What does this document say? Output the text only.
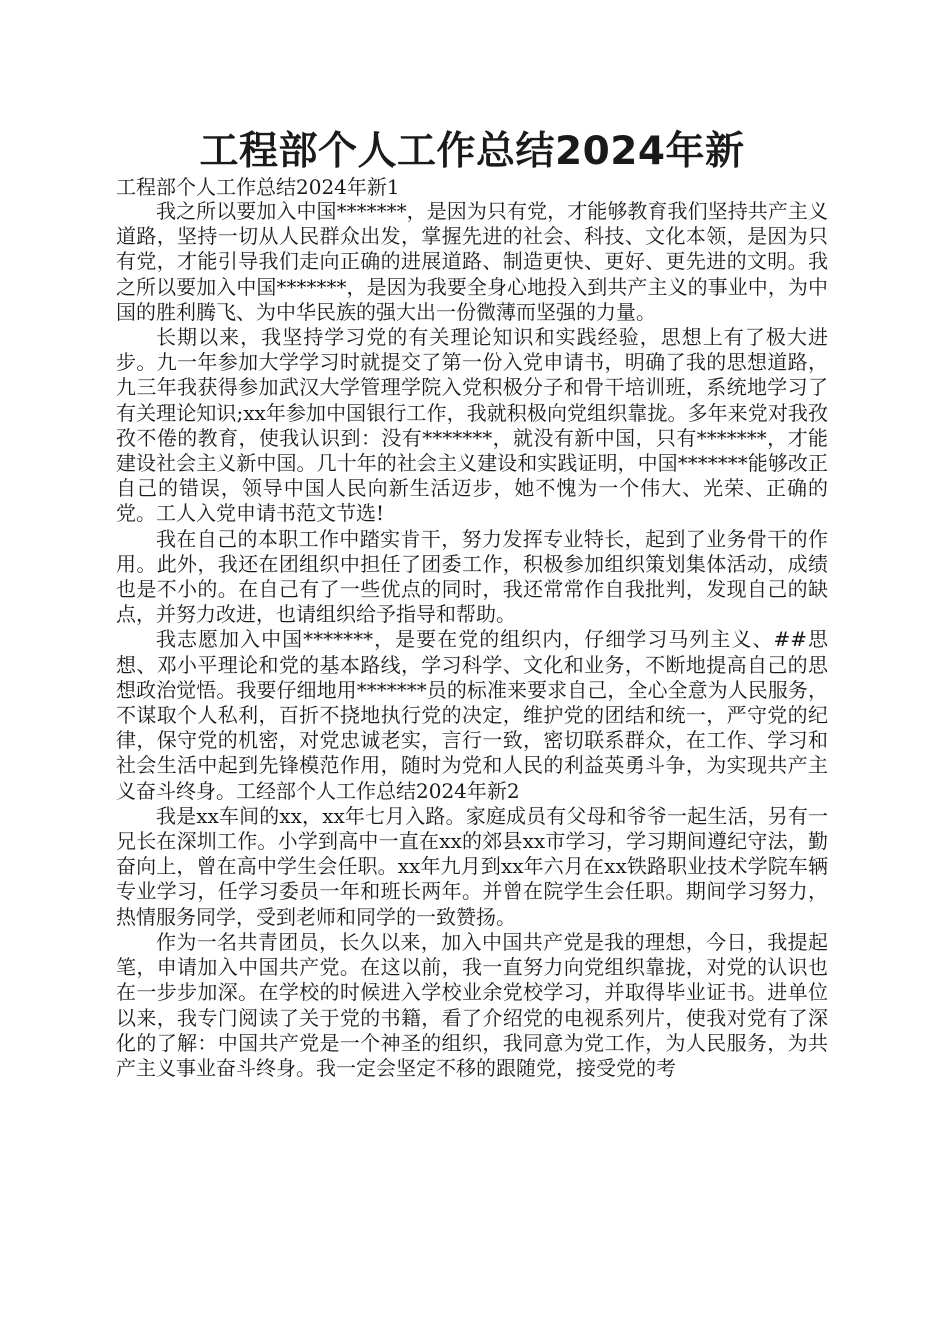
工程部个人工作总结2024年新

工程部个人工作总结2024年新1

我之所以要加入中国*******，是因为只有党，才能够教育我们坚持共产主义道路，坚持一切从人民群众出发，掌握先进的社会、科技、文化本领，是因为只有党，才能引导我们走向正确的进展道路、制造更快、更好、更先进的文明。我之所以要加入中国*******，是因为我要全身心地投入到共产主义的事业中，为中国的胜利腾飞、为中华民族的强大出一份微薄而坚强的力量。

长期以来，我坚持学习党的有关理论知识和实践经验，思想上有了极大进步。九一年参加大学学习时就提交了第一份入党申请书，明确了我的思想道路，九三年我获得参加武汉大学管理学院入党积极分子和骨干培训班，系统地学习了有关理论知识;xx年参加中国银行工作，我就积极向党组织靠拢。多年来党对我孜孜不倦的教育，使我认识到：没有*******，就没有新中国，只有*******，才能建设社会主义新中国。几十年的社会主义建设和实践证明，中国*******能够改正自己的错误，领导中国人民向新生活迈步，她不愧为一个伟大、光荣、正确的党。工人入党申请书范文节选!

我在自己的本职工作中踏实肯干，努力发挥专业特长，起到了业务骨干的作用。此外，我还在团组织中担任了团委工作，积极参加组织策划集体活动，成绩也是不小的。在自己有了一些优点的同时，我还常常作自我批判，发现自己的缺点，并努力改进，也请组织给予指导和帮助。

我志愿加入中国*******，是要在党的组织内，仔细学习马列主义、##思想、邓小平理论和党的基本路线，学习科学、文化和业务，不断地提高自己的思想政治觉悟。我要仔细地用*******员的标准来要求自己，全心全意为人民服务，不谋取个人私利，百折不挠地执行党的决定，维护党的团结和统一，严守党的纪律，保守党的机密，对党忠诚老实，言行一致，密切联系群众，在工作、学习和社会生活中起到先锋模范作用，随时为党和人民的利益英勇斗争，为实现共产主义奋斗终身。工经部个人工作总结2024年新2

我是xx车间的xx，xx年七月入路。家庭成员有父母和爷爷一起生活，另有一兄长在深圳工作。小学到高中一直在xx的郊县xx市学习，学习期间遵纪守法，勤奋向上，曾在高中学生会任职。xx年九月到xx年六月在xx铁路职业技术学院车辆专业学习，任学习委员一年和班长两年。并曾在院学生会任职。期间学习努力，热情服务同学，受到老师和同学的一致赞扬。

作为一名共青团员，长久以来，加入中国共产党是我的理想，今日，我提起笔，申请加入中国共产党。在这以前，我一直努力向党组织靠拢，对党的认识也在一步步加深。在学校的时候进入学校业余党校学习，并取得毕业证书。进单位以来，我专门阅读了关于党的书籍，看了介绍党的电视系列片，使我对党有了深化的了解：中国共产党是一个神圣的组织，我同意为党工作，为人民服务，为共产主义事业奋斗终身。我一定会坚定不移的跟随党，接受党的考
